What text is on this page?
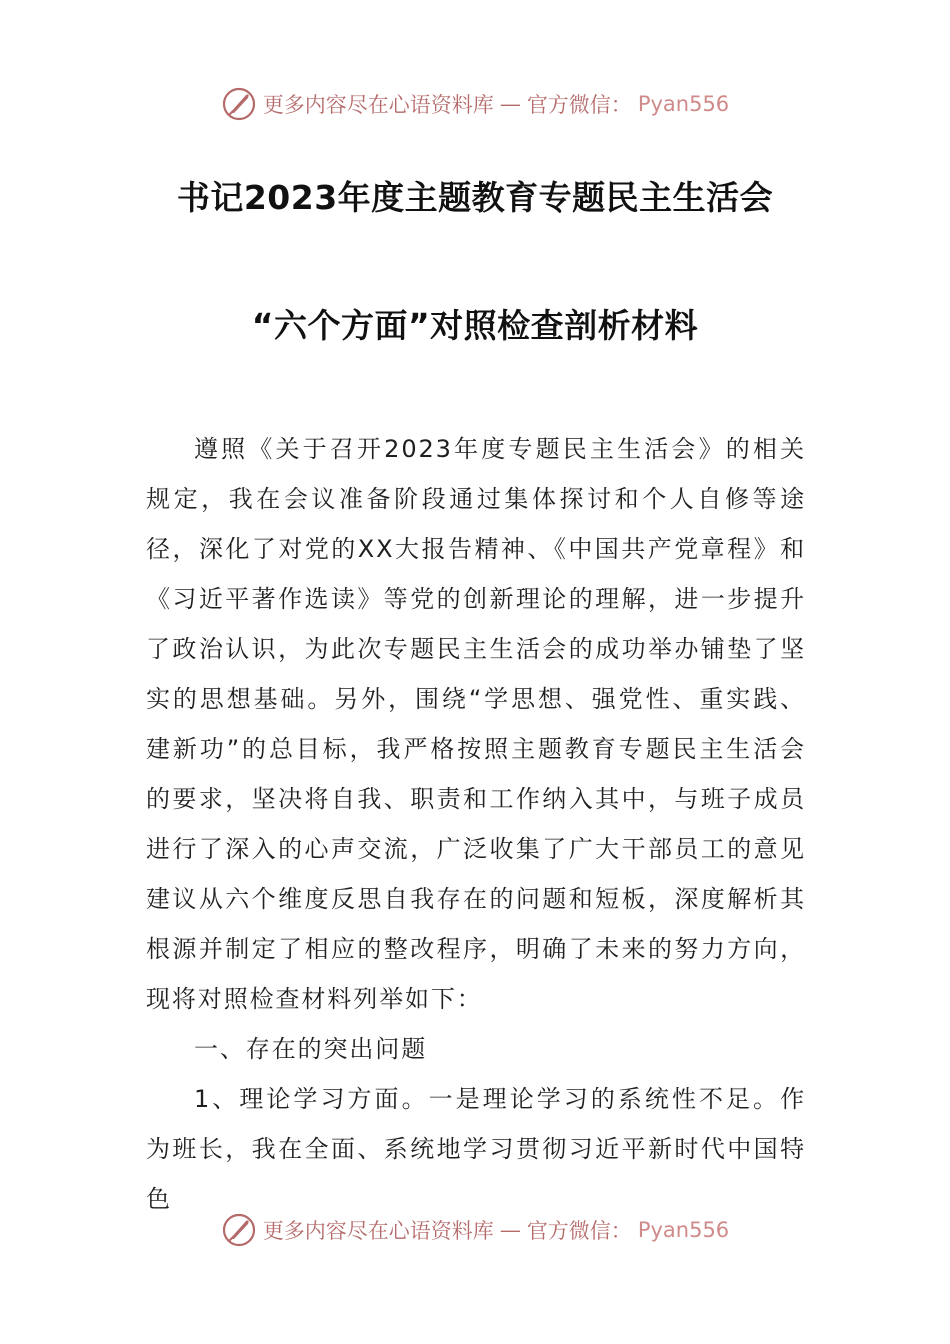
更多内容尽在心语资料库 — 官方微信： Pyan556
书记2023年度主题教育专题民主生活会
“六个方面”对照检查剖析材料

遵照《关于召开2023年度专题民主生活会》的相关规定，我在会议准备阶段通过集体探讨和个人自修等途径，深化了对党的XX大报告精神、《中国共产党章程》和《习近平著作选读》等党的创新理论的理解，进一步提升了政治认识，为此次专题民主生活会的成功举办铺垫了坚实的思想基础。另外，围绕“学思想、强党性、重实践、建新功”的总目标，我严格按照主题教育专题民主生活会的要求，坚决将自我、职责和工作纳入其中，与班子成员进行了深入的心声交流，广泛收集了广大干部员工的意见建议从六个维度反思自我存在的问题和短板，深度解析其根源并制定了相应的整改程序，明确了未来的努力方向，现将对照检查材料列举如下：

一、存在的突出问题

1、理论学习方面。一是理论学习的系统性不足。作为班长，我在全面、系统地学习贯彻习近平新时代中国特色

更多内容尽在心语资料库 — 官方微信： Pyan556
